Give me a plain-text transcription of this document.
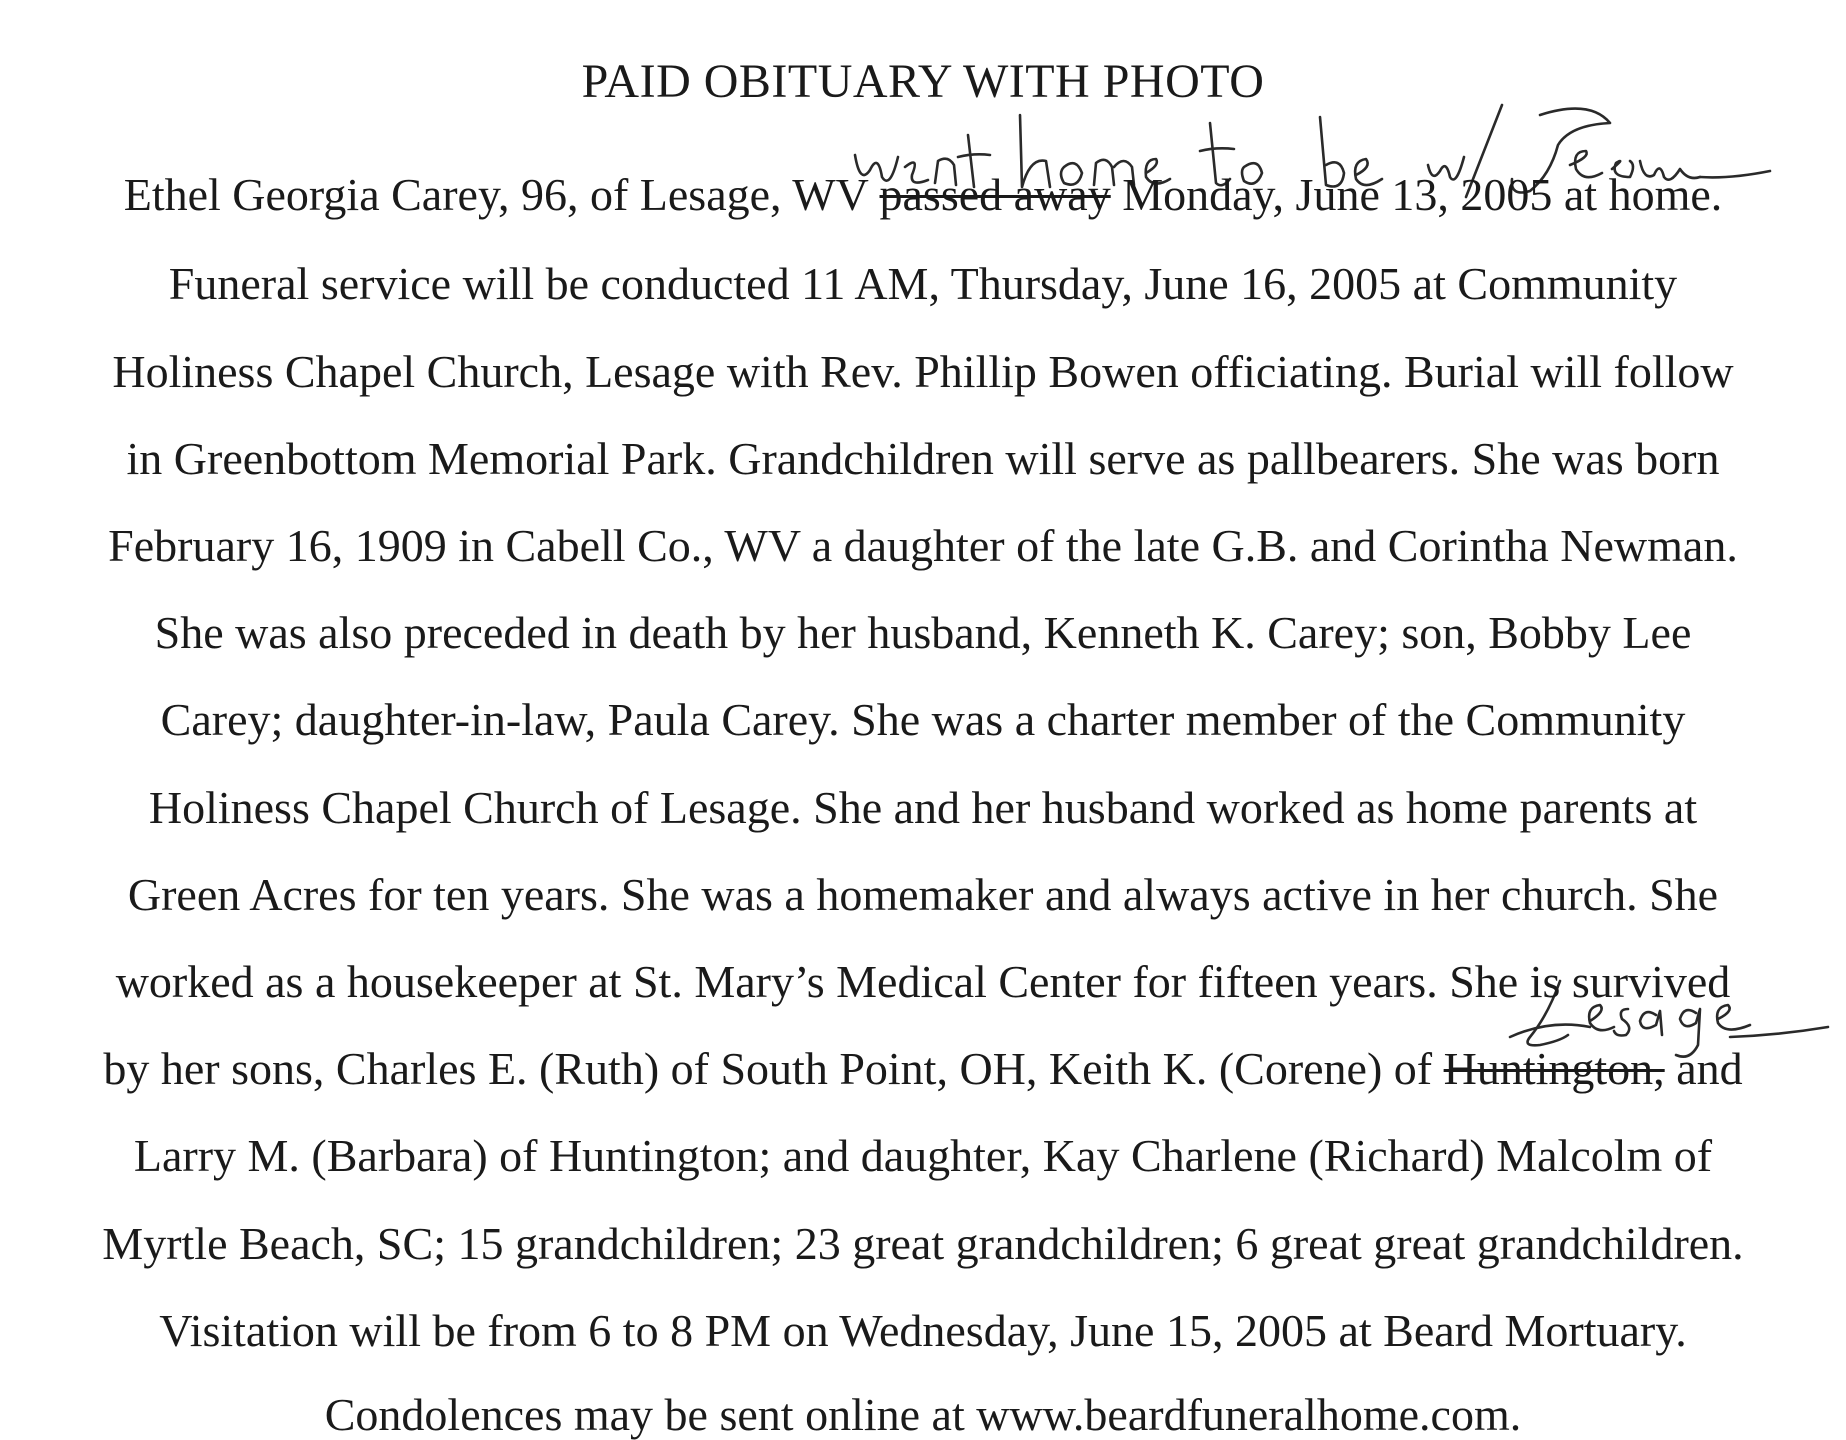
PAID OBITUARY WITH PHOTO
Ethel Georgia Carey, 96, of Lesage, WV passed away Monday, June 13, 2005 at home.
Funeral service will be conducted 11 AM, Thursday, June 16, 2005 at Community
Holiness Chapel Church, Lesage with Rev. Phillip Bowen officiating. Burial will follow
in Greenbottom Memorial Park. Grandchildren will serve as pallbearers. She was born
February 16, 1909 in Cabell Co., WV a daughter of the late G.B. and Corintha Newman.
She was also preceded in death by her husband, Kenneth K. Carey; son, Bobby Lee
Carey; daughter-in-law, Paula Carey. She was a charter member of the Community
Holiness Chapel Church of Lesage. She and her husband worked as home parents at
Green Acres for ten years. She was a homemaker and always active in her church. She
worked as a housekeeper at St. Mary’s Medical Center for fifteen years. She is survived
by her sons, Charles E. (Ruth) of South Point, OH, Keith K. (Corene) of Huntington, and
Larry M. (Barbara) of Huntington; and daughter, Kay Charlene (Richard) Malcolm of
Myrtle Beach, SC; 15 grandchildren; 23 great grandchildren; 6 great great grandchildren.
Visitation will be from 6 to 8 PM on Wednesday, June 15, 2005 at Beard Mortuary.
Condolences may be sent online at www.beardfuneralhome.com.
